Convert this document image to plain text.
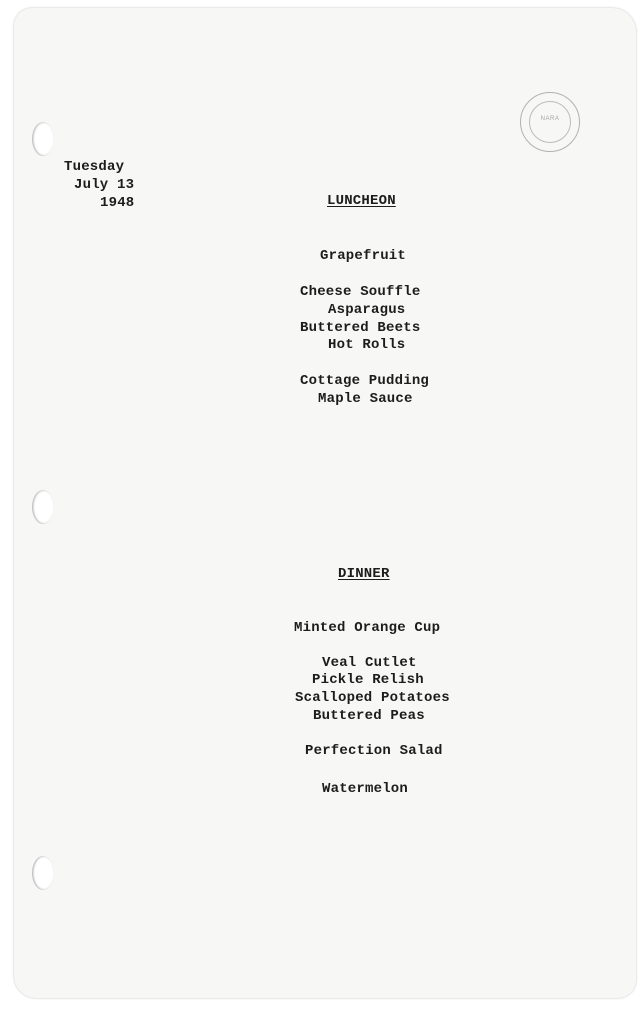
NARA
Tuesday
July 13
1948	LUNCHEON
Grapefruit
Cheese Souffle
Asparagus
Buttered Beets
Hot Rolls
Cottage Pudding
Maple Sauce
DINNER
Minted Orange Cup
Veal Cutlet
Pickle Relish
Scalloped Potatoes
Buttered Peas
Perfection Salad
Watermelon
